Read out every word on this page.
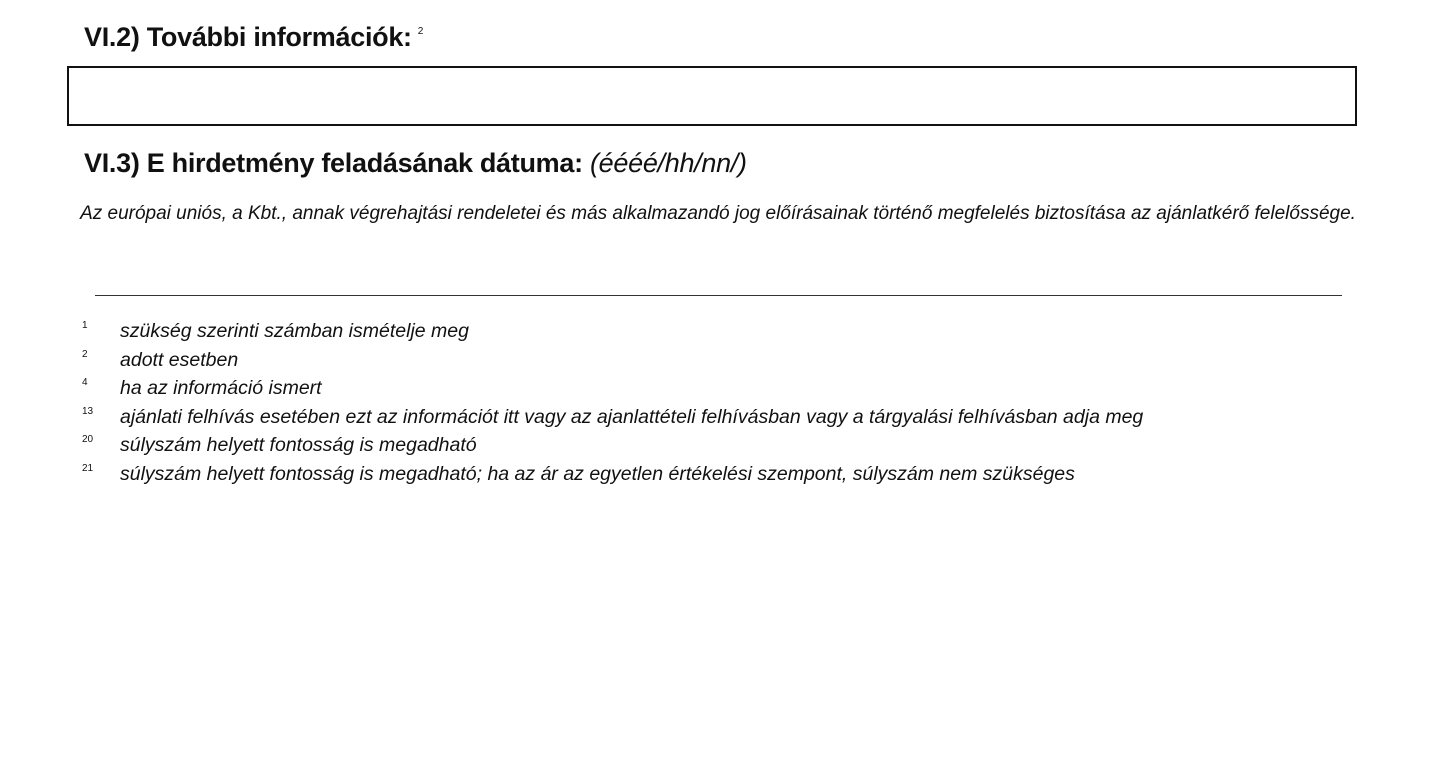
VI.2) További információk: $^2$
VI.3) E hirdetmény feladásának dátuma: (éééé/hh/nn/)
Az európai uniós, a Kbt., annak végrehajtási rendeletei és más alkalmazandó jog előírásainak történő megfelelés biztosítása az ajánlatkérő felelőssége.
1	szükség szerinti számban ismételje meg
2	adott esetben
4	ha az információ ismert
13	ajánlati felhívás esetében ezt az információt itt vagy az ajanlattételi felhívásban vagy a tárgyalási felhívásban adja meg
20	súlyszám helyett fontosság is megadható
21	súlyszám helyett fontosság is megadható; ha az ár az egyetlen értékelési szempont, súlyszám nem szükséges
